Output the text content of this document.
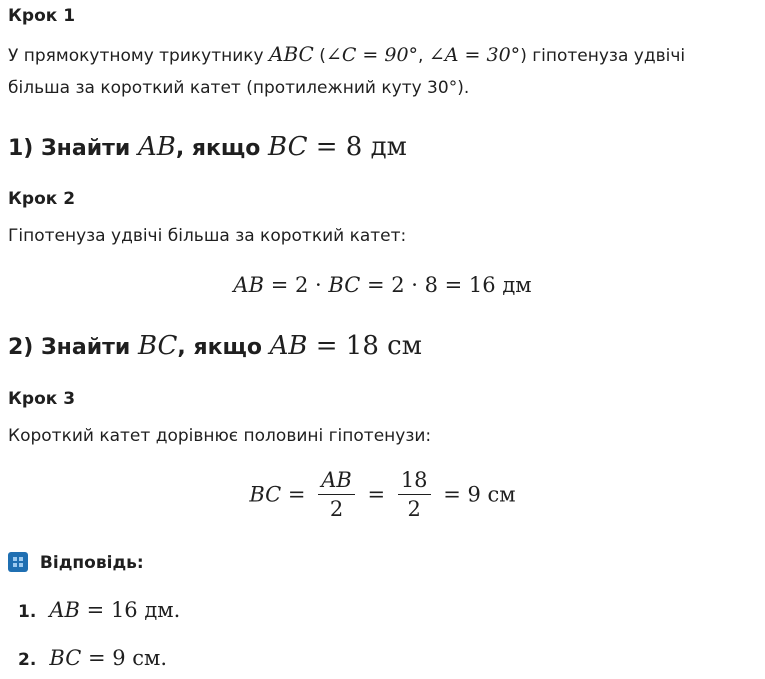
Крок 1
У прямокутному трикутнику ABC (∠C = 90°, ∠A = 30°) гіпотенуза удвічі
більша за короткий катет (протилежний куту 30°).
1) Знайти AB, якщо BC = 8 дм
Крок 2
Гіпотенуза удвічі більша за короткий катет:
AB = 2 · BC = 2 · 8 = 16 дм
2) Знайти BC, якщо AB = 18 см
Крок 3
Короткий катет дорівнює половині гіпотенузи:
BC = $\frac{AB}{2} = \frac{18}{2} = 9$ см
Відповідь:
1. AB = 16 дм.
2. BC = 9 см.
